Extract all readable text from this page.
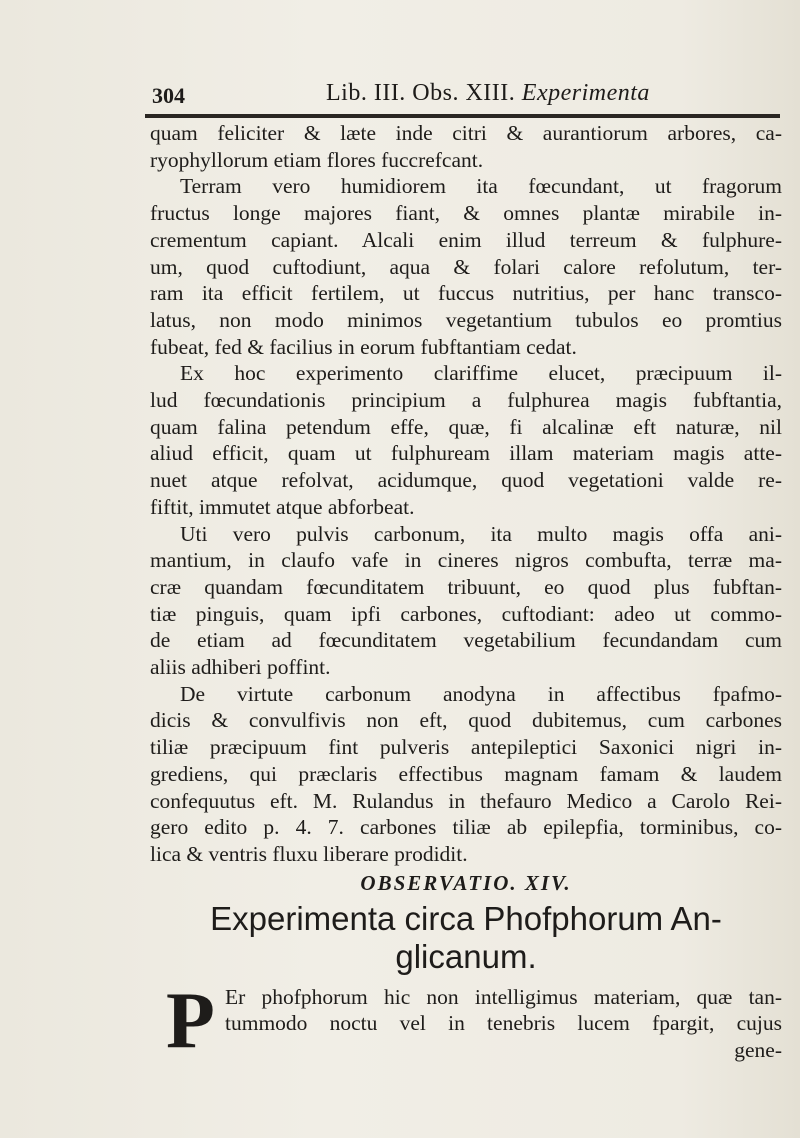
304	Lib. III. Obs. XIII. Experimenta
quam feliciter & læte inde citri & aurantiorum arbores, ca-
ryophyllorum etiam flores fuccrefcant.
Terram vero humidiorem ita fœcundant, ut fragorum
fructus longe majores fiant, & omnes plantæ mirabile in-
crementum capiant. Alcali enim illud terreum & fulphure-
um, quod cuftodiunt, aqua & folari calore refolutum, ter-
ram ita efficit fertilem, ut fuccus nutritius, per hanc transco-
latus, non modo minimos vegetantium tubulos eo promtius
fubeat, fed & facilius in eorum fubftantiam cedat.
Ex hoc experimento clariffime elucet, præcipuum il-
lud fœcundationis principium a fulphurea magis fubftantia,
quam falina petendum effe, quæ, fi alcalinæ eft naturæ, nil
aliud efficit, quam ut fulphuream illam materiam magis atte-
nuet atque refolvat, acidumque, quod vegetationi valde re-
fiftit, immutet atque abforbeat.
Uti vero pulvis carbonum, ita multo magis offa ani-
mantium, in claufo vafe in cineres nigros combufta, terræ ma-
cræ quandam fœcunditatem tribuunt, eo quod plus fubftan-
tiæ pinguis, quam ipfi carbones, cuftodiant: adeo ut commo-
de etiam ad fœcunditatem vegetabilium fecundandam cum
aliis adhiberi poffint.
De virtute carbonum anodyna in affectibus fpafmo-
dicis & convulfivis non eft, quod dubitemus, cum carbones
tiliæ præcipuum fint pulveris antepileptici Saxonici nigri in-
grediens, qui præclaris effectibus magnam famam & laudem
confequutus eft. M. Rulandus in thefauro Medico a Carolo Rei-
gero edito p. 4. 7. carbones tiliæ ab epilepfia, torminibus, co-
lica & ventris fluxu liberare prodidit.
OBSERVATIO. XIV.
Experimenta circa Phofphorum An-
glicanum.
P Er phofphorum hic non intelligimus materiam, quæ tan-
tummodo noctu vel in tenebris lucem fpargit, cujus
gene-
